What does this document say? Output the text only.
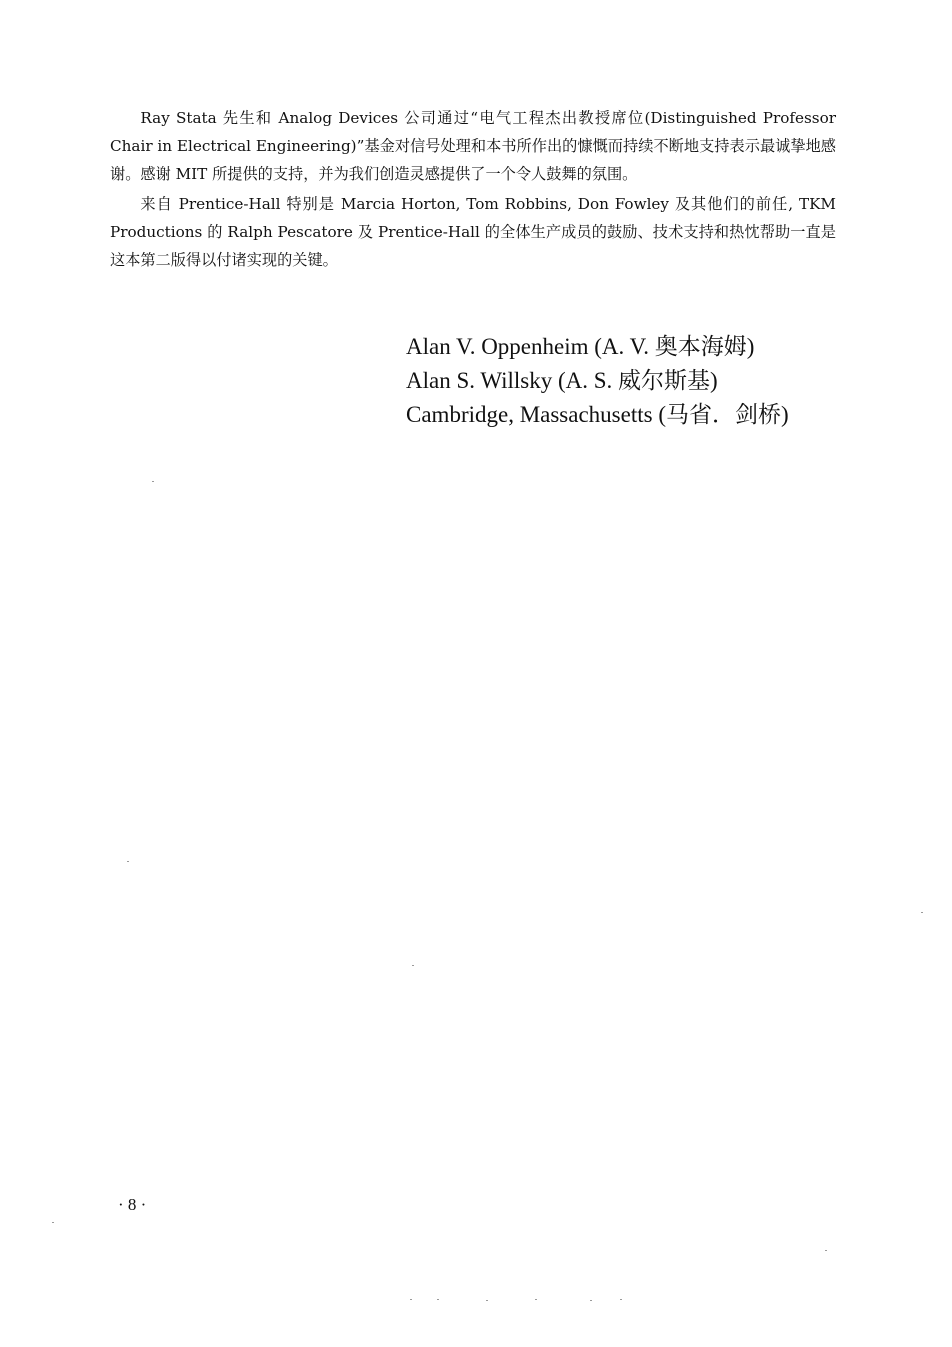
Ray Stata 先生和 Analog Devices 公司通过“电气工程杰出教授席位(Distinguished Professor Chair in Electrical Engineering)”基金对信号处理和本书所作出的慷慨而持续不断地支持表示最诚挚地感谢。感谢 MIT 所提供的支持，并为我们创造灵感提供了一个令人鼓舞的氛围。

来自 Prentice-Hall 特别是 Marcia Horton, Tom Robbins, Don Fowley 及其他们的前任, TKM Productions 的 Ralph Pescatore 及 Prentice-Hall 的全体生产成员的鼓励、技术支持和热忱帮助一直是这本第二版得以付诸实现的关键。

Alan V. Oppenheim (A. V. 奥本海姆)
Alan S. Willsky (A. S. 威尔斯基)
Cambridge, Massachusetts (马省．剑桥)
· 8 ·
